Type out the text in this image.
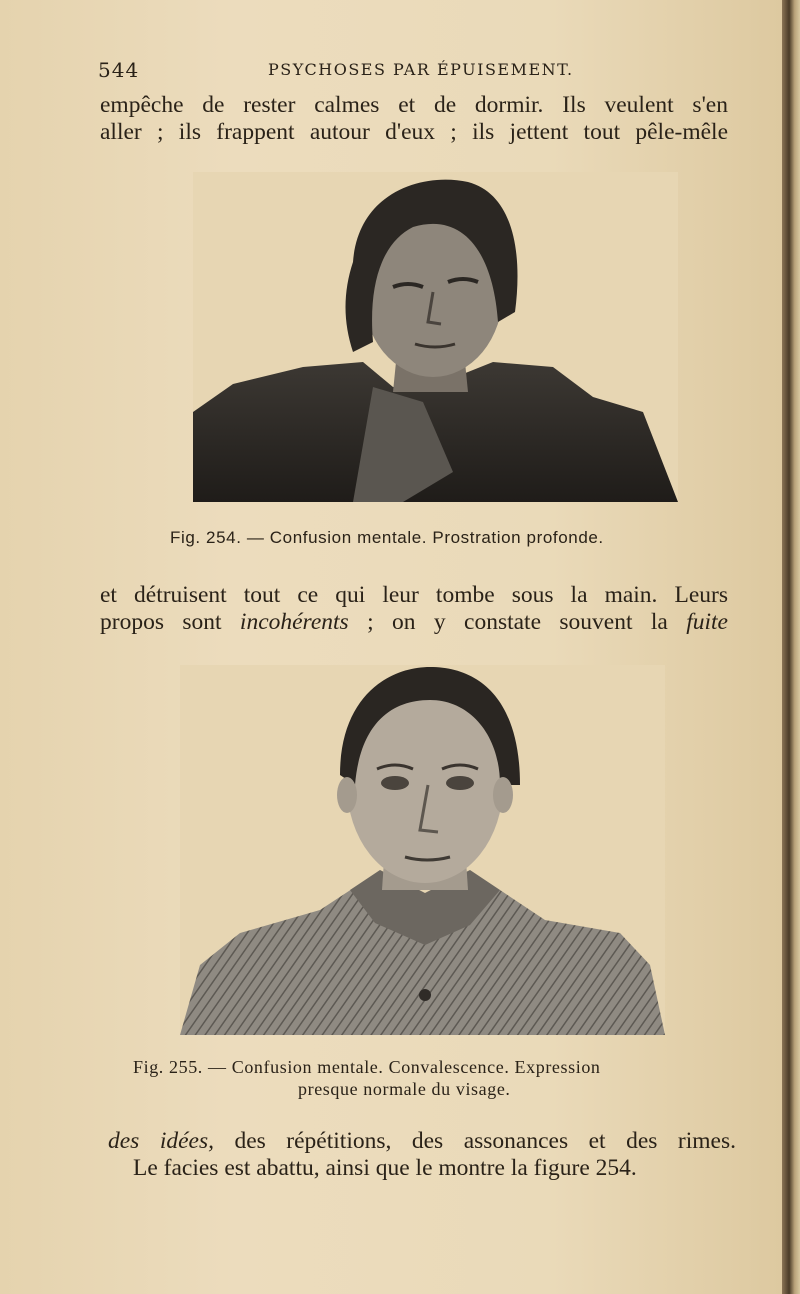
544	PSYCHOSES PAR ÉPUISEMENT.
empêche de rester calmes et de dormir. Ils veulent s'en
aller ; ils frappent autour d'eux ; ils jettent tout pêle-mêle
Fig. 254. — Confusion mentale. Prostration profonde.
et détruisent tout ce qui leur tombe sous la main. Leurs
propos sont incohérents ; on y constate souvent la fuite
Fig. 255. — Confusion mentale. Convalescence. Expression
presque normale du visage.
des idées, des répétitions, des assonances et des rimes.
Le facies est abattu, ainsi que le montre la figure 254.
